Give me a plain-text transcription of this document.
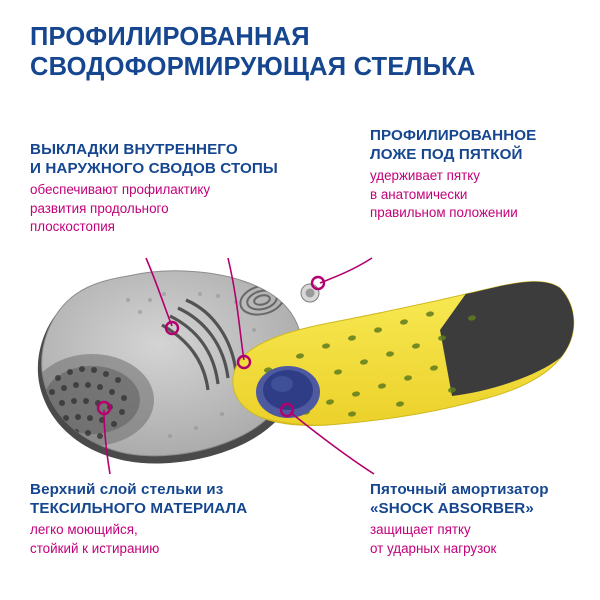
ПРОФИЛИРОВАННАЯ
СВОДОФОРМИРУЮЩАЯ СТЕЛЬКА
ВЫКЛАДКИ ВНУТРЕННЕГО
И НАРУЖНОГО СВОДОВ СТОПЫ
обеспечивают профилактику
развития продольного
плоскостопия
ПРОФИЛИРОВАННОЕ
ЛОЖЕ ПОД ПЯТКОЙ
удерживает пятку
в анатомически
правильном положении
Верхний слой стельки из
ТЕКСИЛЬНОГО МАТЕРИАЛА
легко моющийся,
стойкий к истиранию
Пяточный амортизатор
«SHOCK ABSORBER»
защищает пятку
от ударных нагрузок
